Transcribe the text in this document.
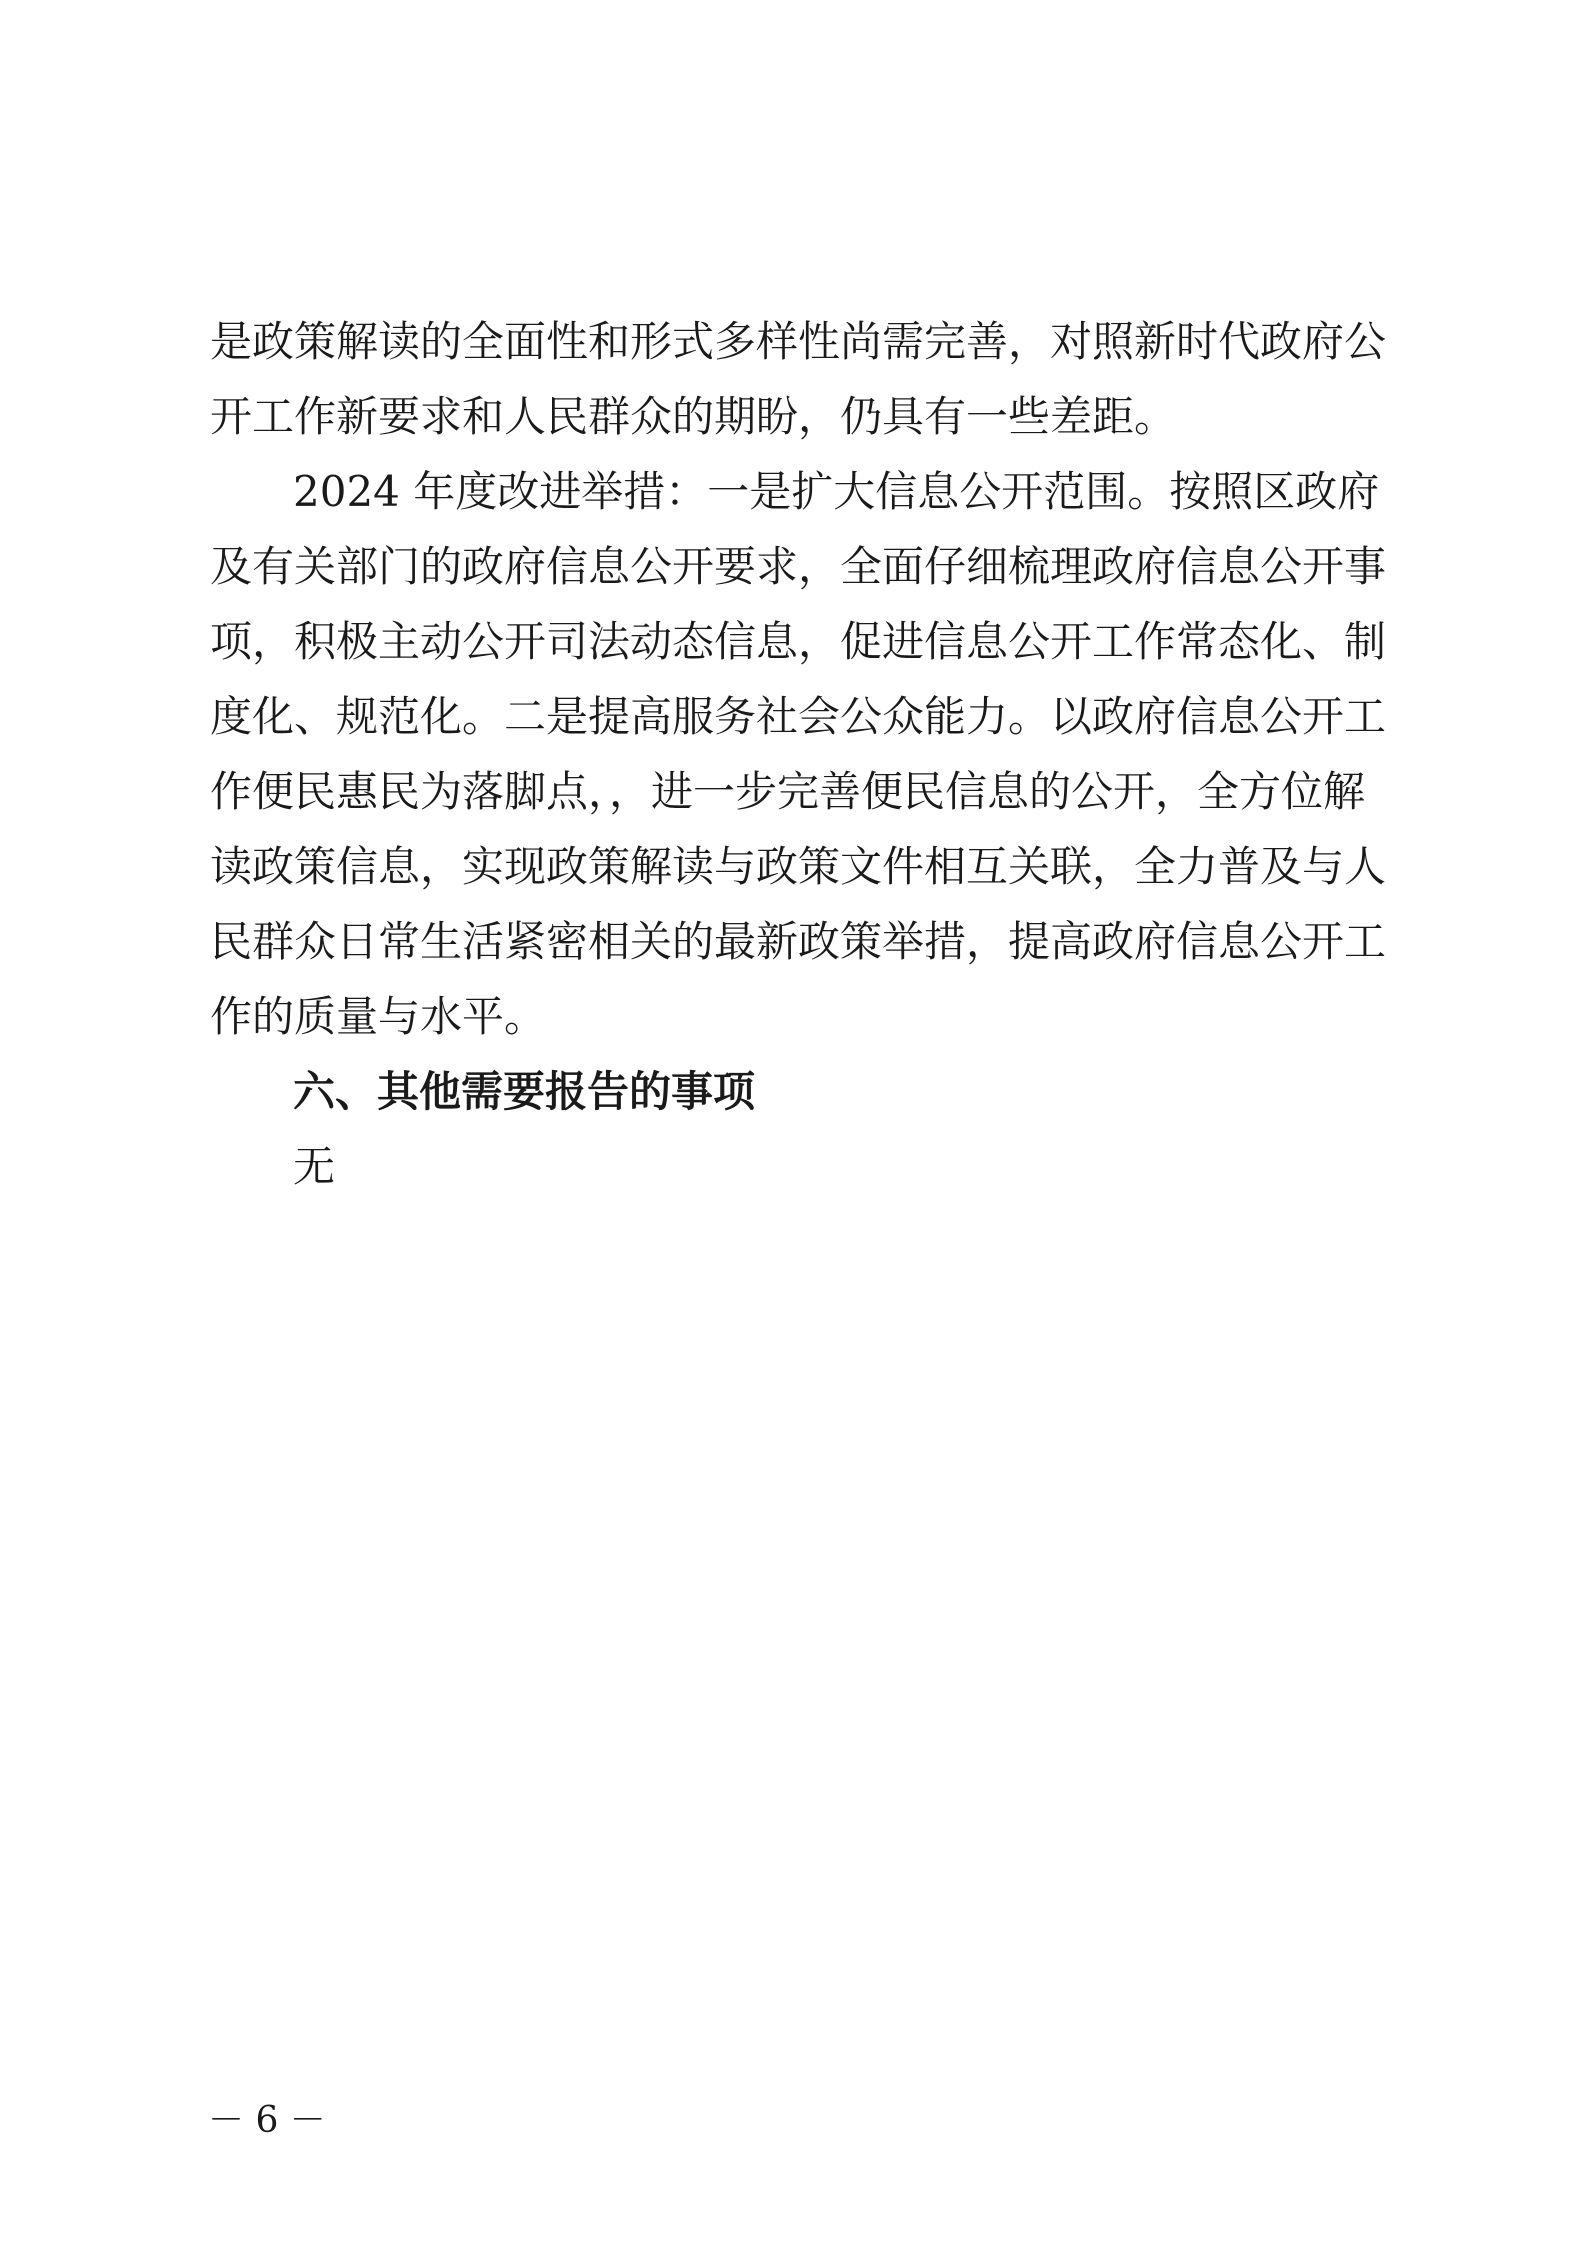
是政策解读的全面性和形式多样性尚需完善，对照新时代政府公
开工作新要求和人民群众的期盼，仍具有一些差距。
2024 年度改进举措：一是扩大信息公开范围。按照区政府
及有关部门的政府信息公开要求，全面仔细梳理政府信息公开事
项，积极主动公开司法动态信息，促进信息公开工作常态化、制
度化、规范化。二是提高服务社会公众能力。以政府信息公开工
作便民惠民为落脚点，，进一步完善便民信息的公开，全方位解
读政策信息，实现政策解读与政策文件相互关联，全力普及与人
民群众日常生活紧密相关的最新政策举措，提高政府信息公开工
作的质量与水平。
六、其他需要报告的事项
无
－ 6 －
